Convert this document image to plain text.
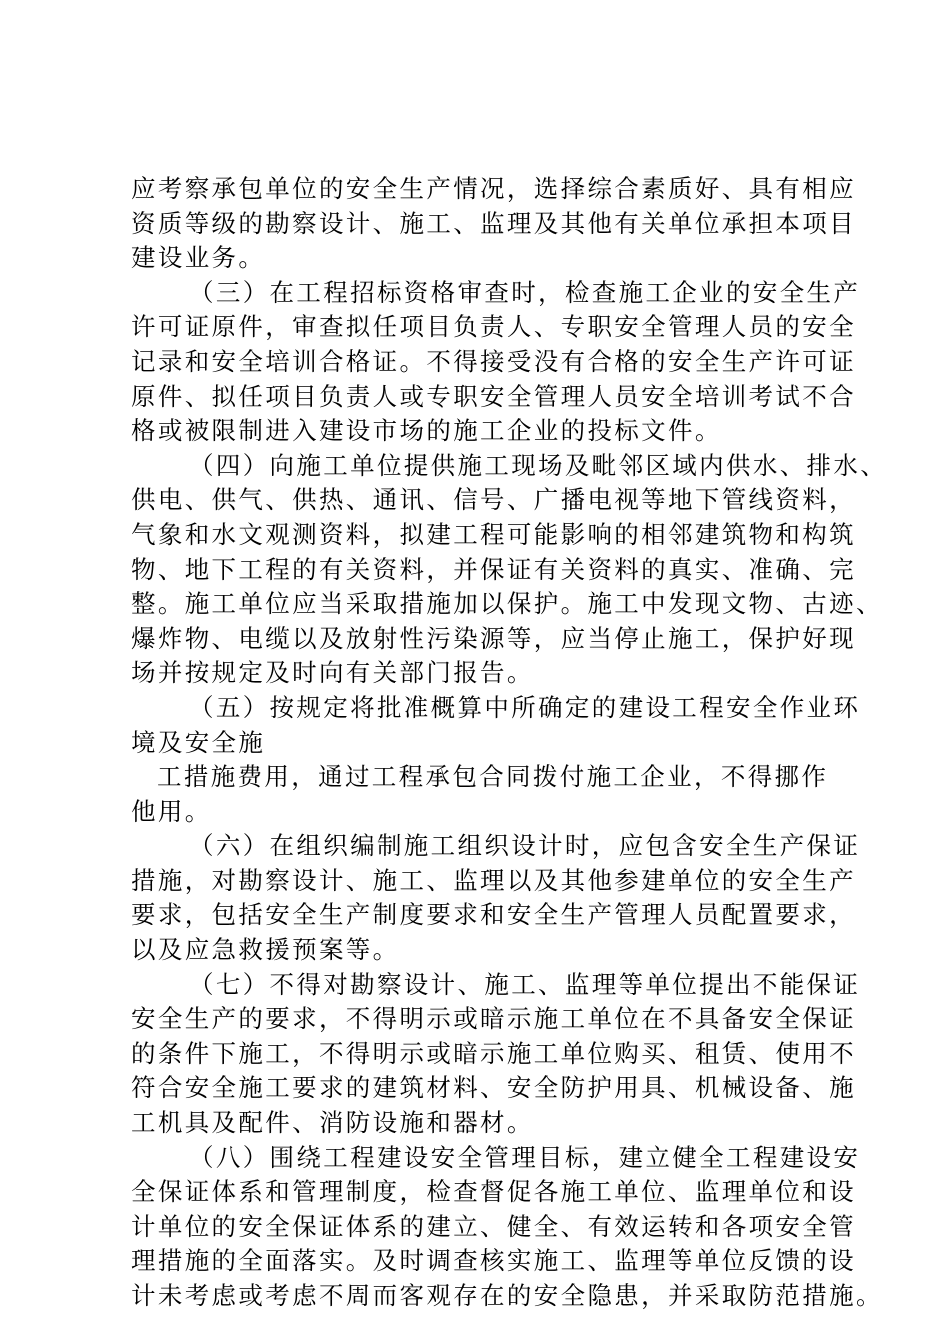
应考察承包单位的安全生产情况，选择综合素质好、具有相应
资质等级的勘察设计、施工、监理及其他有关单位承担本项目
建设业务。
（三）在工程招标资格审查时，检查施工企业的安全生产
许可证原件，审查拟任项目负责人、专职安全管理人员的安全
记录和安全培训合格证。不得接受没有合格的安全生产许可证
原件、拟任项目负责人或专职安全管理人员安全培训考试不合
格或被限制进入建设市场的施工企业的投标文件。
（四）向施工单位提供施工现场及毗邻区域内供水、排水、
供电、供气、供热、通讯、信号、广播电视等地下管线资料，
气象和水文观测资料，拟建工程可能影响的相邻建筑物和构筑
物、地下工程的有关资料，并保证有关资料的真实、准确、完
整。施工单位应当采取措施加以保护。施工中发现文物、古迹、
爆炸物、电缆以及放射性污染源等，应当停止施工，保护好现
场并按规定及时向有关部门报告。
（五）按规定将批准概算中所确定的建设工程安全作业环
境及安全施
工措施费用，通过工程承包合同拨付施工企业，不得挪作
他用。
（六）在组织编制施工组织设计时，应包含安全生产保证
措施，对勘察设计、施工、监理以及其他参建单位的安全生产
要求，包括安全生产制度要求和安全生产管理人员配置要求，
以及应急救援预案等。
（七）不得对勘察设计、施工、监理等单位提出不能保证
安全生产的要求，不得明示或暗示施工单位在不具备安全保证
的条件下施工，不得明示或暗示施工单位购买、租赁、使用不
符合安全施工要求的建筑材料、安全防护用具、机械设备、施
工机具及配件、消防设施和器材。
（八）围绕工程建设安全管理目标，建立健全工程建设安
全保证体系和管理制度，检查督促各施工单位、监理单位和设
计单位的安全保证体系的建立、健全、有效运转和各项安全管
理措施的全面落实。及时调查核实施工、监理等单位反馈的设
计未考虑或考虑不周而客观存在的安全隐患，并采取防范措施。
